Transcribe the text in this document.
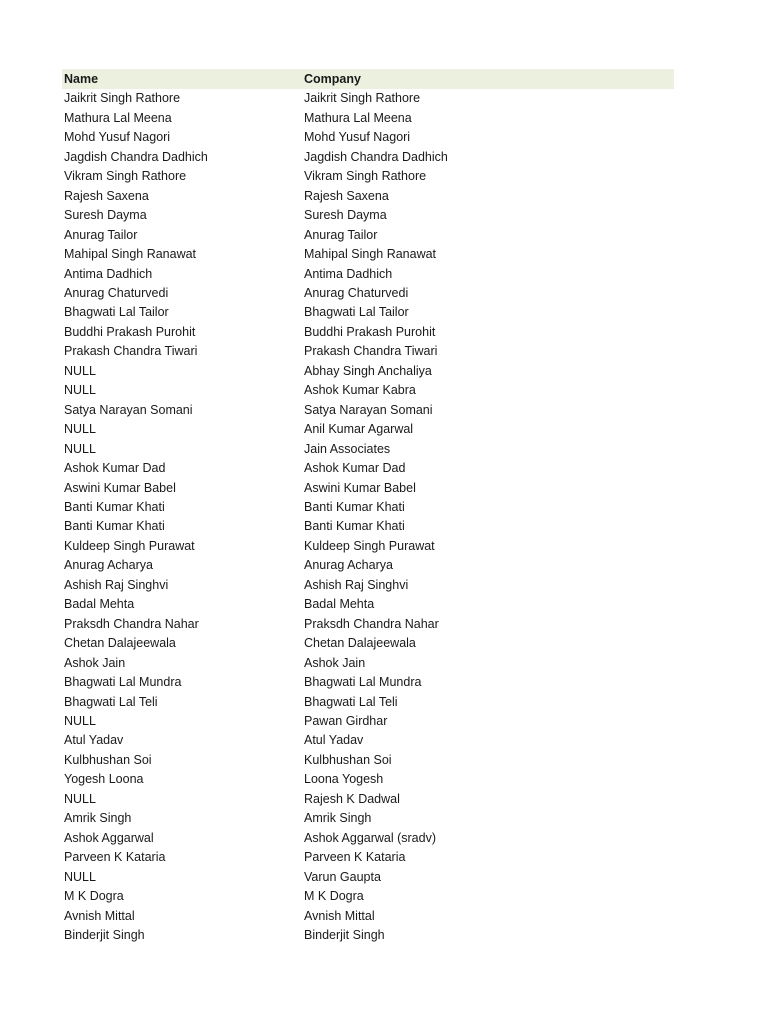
Name	Company
Jaikrit Singh Rathore	Jaikrit Singh Rathore
Mathura Lal Meena	Mathura Lal Meena
Mohd Yusuf Nagori	Mohd Yusuf Nagori
Jagdish Chandra Dadhich	Jagdish Chandra Dadhich
Vikram Singh Rathore	Vikram Singh Rathore
Rajesh Saxena	Rajesh Saxena
Suresh Dayma	Suresh Dayma
Anurag Tailor	Anurag Tailor
Mahipal Singh Ranawat	Mahipal Singh Ranawat
Antima Dadhich	Antima Dadhich
Anurag Chaturvedi	Anurag Chaturvedi
Bhagwati Lal Tailor	Bhagwati Lal Tailor
Buddhi Prakash Purohit	Buddhi Prakash Purohit
Prakash Chandra Tiwari	Prakash Chandra Tiwari
NULL	Abhay Singh Anchaliya
NULL	Ashok Kumar Kabra
Satya Narayan Somani	Satya Narayan Somani
NULL	Anil Kumar Agarwal
NULL	Jain Associates
Ashok Kumar Dad	Ashok Kumar Dad
Aswini Kumar Babel	Aswini Kumar Babel
Banti Kumar Khati	Banti Kumar Khati
Banti Kumar Khati	Banti Kumar Khati
Kuldeep Singh Purawat	Kuldeep Singh Purawat
Anurag Acharya	Anurag Acharya
Ashish Raj Singhvi	Ashish Raj Singhvi
Badal Mehta	Badal Mehta
Praksdh Chandra Nahar	Praksdh Chandra Nahar
Chetan Dalajeewala	Chetan Dalajeewala
Ashok Jain	Ashok Jain
Bhagwati Lal Mundra	Bhagwati Lal Mundra
Bhagwati Lal Teli	Bhagwati Lal Teli
NULL	Pawan Girdhar
Atul Yadav	Atul Yadav
Kulbhushan Soi	Kulbhushan Soi
Yogesh Loona	Loona Yogesh
NULL	Rajesh K Dadwal
Amrik Singh	Amrik Singh
Ashok Aggarwal	Ashok Aggarwal (sradv)
Parveen K Kataria	Parveen K Kataria
NULL	Varun Gaupta
M K Dogra	M K Dogra
Avnish Mittal	Avnish Mittal
Binderjit Singh	Binderjit Singh
